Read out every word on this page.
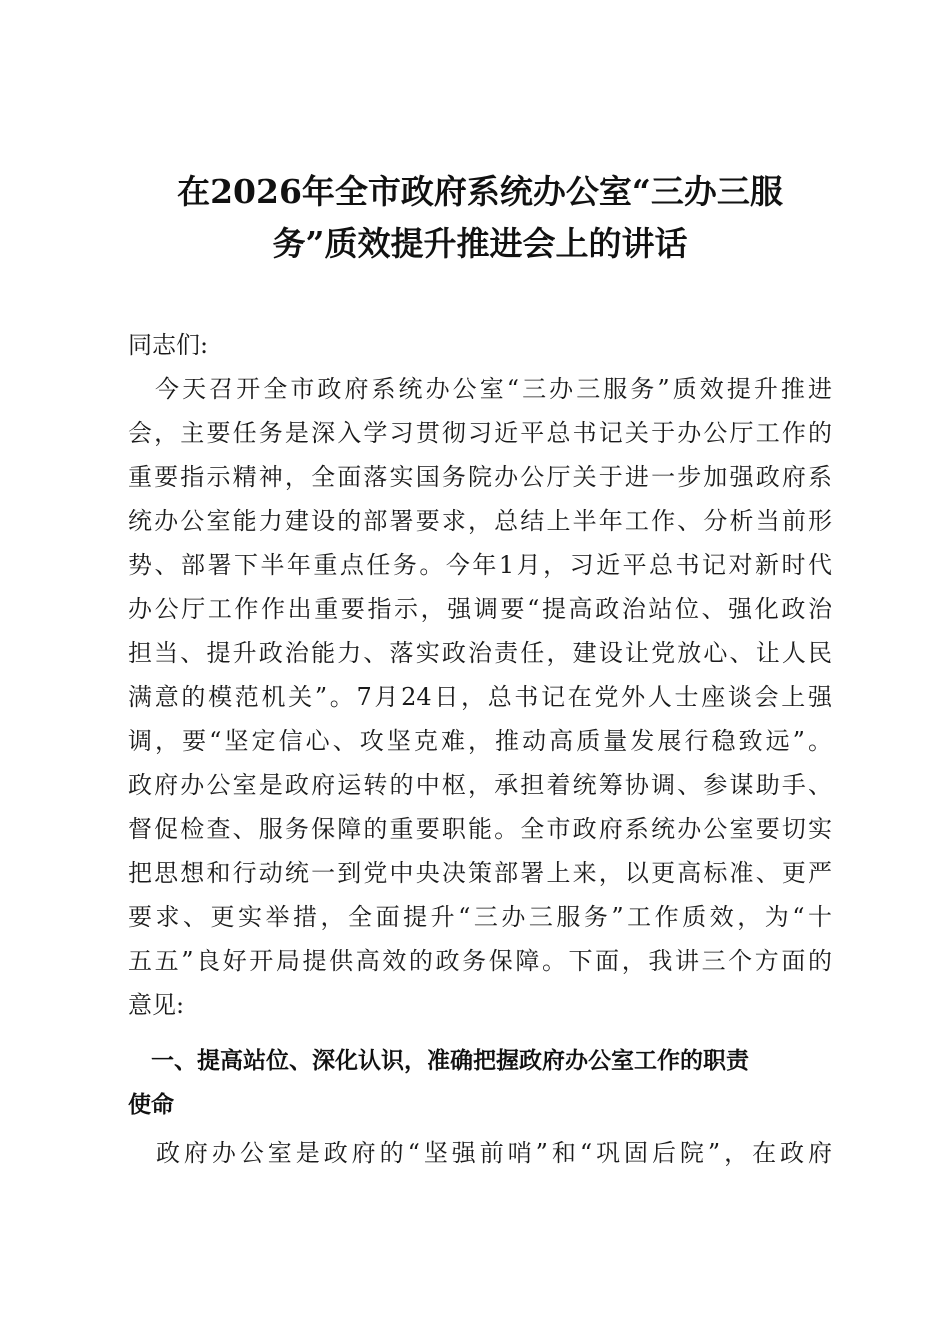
在2026年全市政府系统办公室“三办三服
务”质效提升推进会上的讲话
同志们:
　今天召开全市政府系统办公室“三办三服务”质效提升推进
会，主要任务是深入学习贯彻习近平总书记关于办公厅工作的
重要指示精神，全面落实国务院办公厅关于进一步加强政府系
统办公室能力建设的部署要求，总结上半年工作、分析当前形
势、部署下半年重点任务。今年1月，习近平总书记对新时代
办公厅工作作出重要指示，强调要“提高政治站位、强化政治
担当、提升政治能力、落实政治责任，建设让党放心、让人民
满意的模范机关”。7月24日，总书记在党外人士座谈会上强
调，要“坚定信心、攻坚克难，推动高质量发展行稳致远”。
政府办公室是政府运转的中枢，承担着统筹协调、参谋助手、
督促检查、服务保障的重要职能。全市政府系统办公室要切实
把思想和行动统一到党中央决策部署上来，以更高标准、更严
要求、更实举措，全面提升“三办三服务”工作质效，为“十
五五”良好开局提供高效的政务保障。下面，我讲三个方面的
意见:
　一、提高站位、深化认识，准确把握政府办公室工作的职责
使命
　政府办公室是政府的“坚强前哨”和“巩固后院”，在政府
